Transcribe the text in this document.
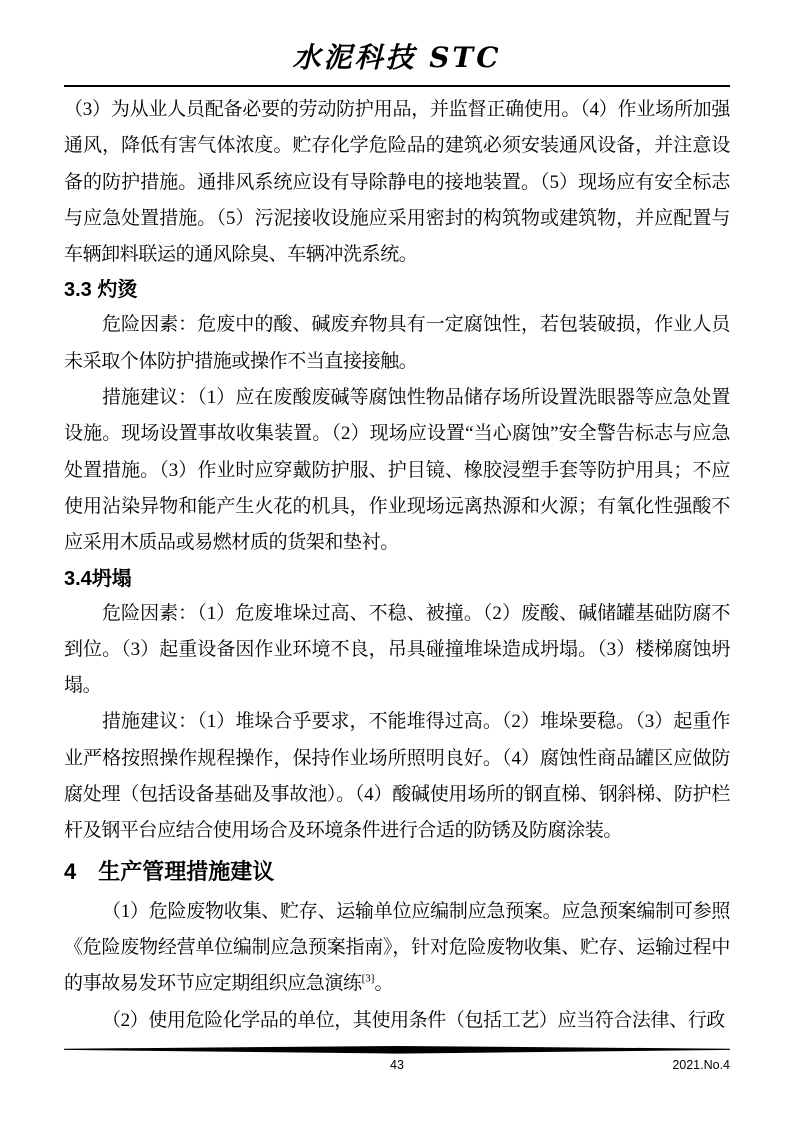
水泥科技 STC

（3）为从业人员配备必要的劳动防护用品，并监督正确使用。（4）作业场所加强通风，降低有害气体浓度。贮存化学危险品的建筑必须安装通风设备，并注意设备的防护措施。通排风系统应设有导除静电的接地装置。（5）现场应有安全标志与应急处置措施。（5）污泥接收设施应采用密封的构筑物或建筑物，并应配置与车辆卸料联运的通风除臭、车辆冲洗系统。

3.3 灼烫

危险因素：危废中的酸、碱废弃物具有一定腐蚀性，若包装破损，作业人员未采取个体防护措施或操作不当直接接触。

措施建议：（1）应在废酸废碱等腐蚀性物品储存场所设置洗眼器等应急处置设施。现场设置事故收集装置。（2）现场应设置“当心腐蚀”安全警告标志与应急处置措施。（3）作业时应穿戴防护服、护目镜、橡胶浸塑手套等防护用具；不应使用沾染异物和能产生火花的机具，作业现场远离热源和火源；有氧化性强酸不应采用木质品或易燃材质的货架和垫衬。

3.4坍塌

危险因素：（1）危废堆垛过高、不稳、被撞。（2）废酸、碱储罐基础防腐不到位。（3）起重设备因作业环境不良，吊具碰撞堆垛造成坍塌。（3）楼梯腐蚀坍塌。

措施建议：（1）堆垛合乎要求，不能堆得过高。（2）堆垛要稳。（3）起重作业严格按照操作规程操作，保持作业场所照明良好。（4）腐蚀性商品罐区应做防腐处理（包括设备基础及事故池）。（4）酸碱使用场所的钢直梯、钢斜梯、防护栏杆及钢平台应结合使用场合及环境条件进行合适的防锈及防腐涂装。

4　生产管理措施建议

（1）危险废物收集、贮存、运输单位应编制应急预案。应急预案编制可参照《危险废物经营单位编制应急预案指南》，针对危险废物收集、贮存、运输过程中的事故易发环节应定期组织应急演练[3]。

（2）使用危险化学品的单位，其使用条件（包括工艺）应当符合法律、行政

43	2021.No.4
